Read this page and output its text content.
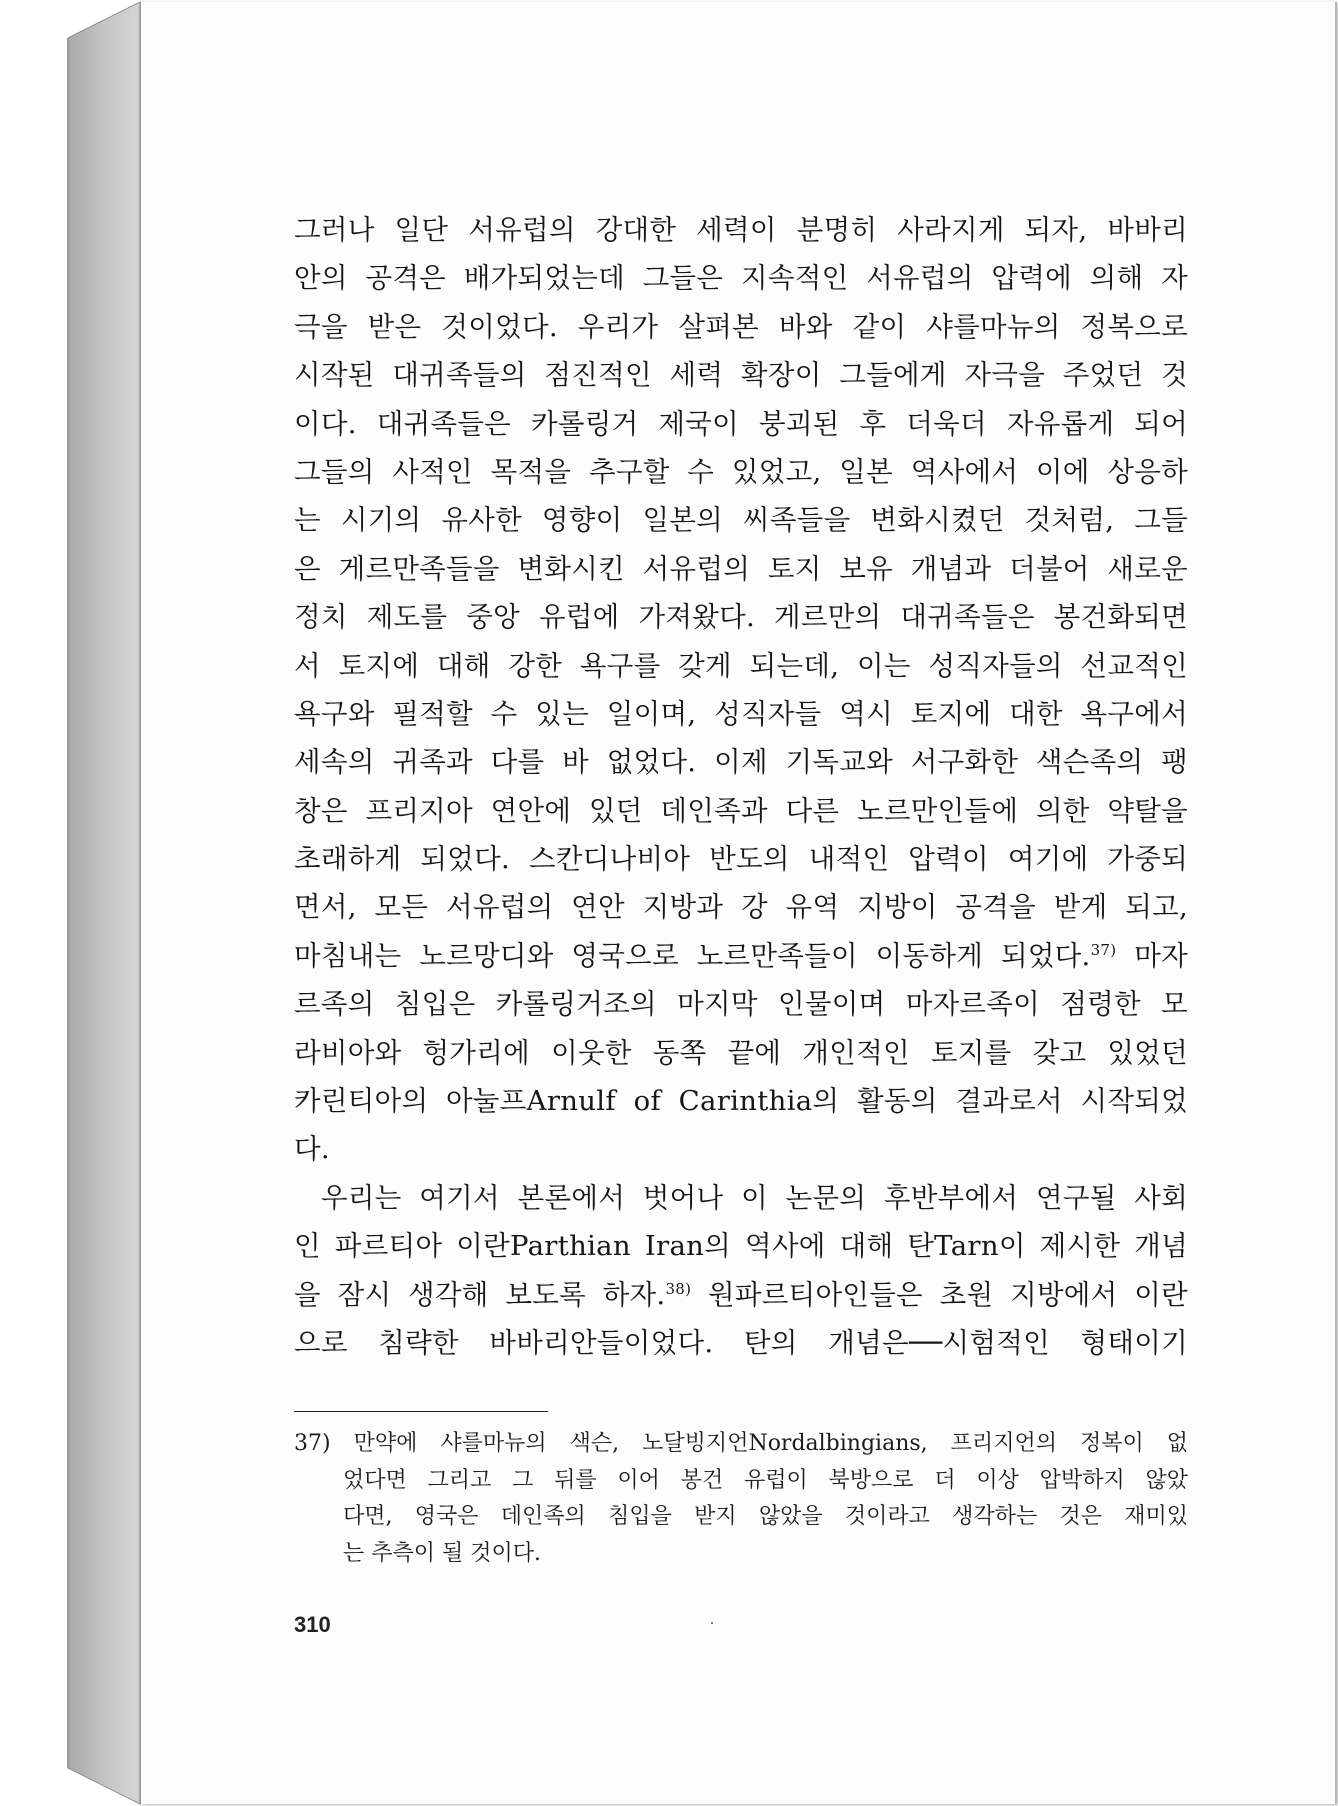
그러나 일단 서유럽의 강대한 세력이 분명히 사라지게 되자, 바바리
안의 공격은 배가되었는데 그들은 지속적인 서유럽의 압력에 의해 자
극을 받은 것이었다. 우리가 살펴본 바와 같이 샤를마뉴의 정복으로
시작된 대귀족들의 점진적인 세력 확장이 그들에게 자극을 주었던 것
이다. 대귀족들은 카롤링거 제국이 붕괴된 후 더욱더 자유롭게 되어
그들의 사적인 목적을 추구할 수 있었고, 일본 역사에서 이에 상응하
는 시기의 유사한 영향이 일본의 씨족들을 변화시켰던 것처럼, 그들
은 게르만족들을 변화시킨 서유럽의 토지 보유 개념과 더불어 새로운
정치 제도를 중앙 유럽에 가져왔다. 게르만의 대귀족들은 봉건화되면
서 토지에 대해 강한 욕구를 갖게 되는데, 이는 성직자들의 선교적인
욕구와 필적할 수 있는 일이며, 성직자들 역시 토지에 대한 욕구에서
세속의 귀족과 다를 바 없었다. 이제 기독교와 서구화한 색슨족의 팽
창은 프리지아 연안에 있던 데인족과 다른 노르만인들에 의한 약탈을
초래하게 되었다. 스칸디나비아 반도의 내적인 압력이 여기에 가중되
면서, 모든 서유럽의 연안 지방과 강 유역 지방이 공격을 받게 되고,
마침내는 노르망디와 영국으로 노르만족들이 이동하게 되었다.$^{37)}$ 마자
르족의 침입은 카롤링거조의 마지막 인물이며 마자르족이 점령한 모
라비아와 헝가리에 이웃한 동쪽 끝에 개인적인 토지를 갖고 있었던
카린티아의 아눌프Arnulf of Carinthia의 활동의 결과로서 시작되었
다.
우리는 여기서 본론에서 벗어나 이 논문의 후반부에서 연구될 사회
인 파르티아 이란Parthian Iran의 역사에 대해 탄Tarn이 제시한 개념
을 잠시 생각해 보도록 하자.$^{38)}$ 원파르티아인들은 초원 지방에서 이란
으로 침략한 바바리안들이었다. 탄의 개념은──시험적인 형태이기
37) 만약에 샤를마뉴의 색슨, 노달빙지언Nordalbingians, 프리지언의 정복이 없
었다면 그리고 그 뒤를 이어 봉건 유럽이 북방으로 더 이상 압박하지 않았
다면, 영국은 데인족의 침입을 받지 않았을 것이라고 생각하는 것은 재미있
는 추측이 될 것이다.
310
